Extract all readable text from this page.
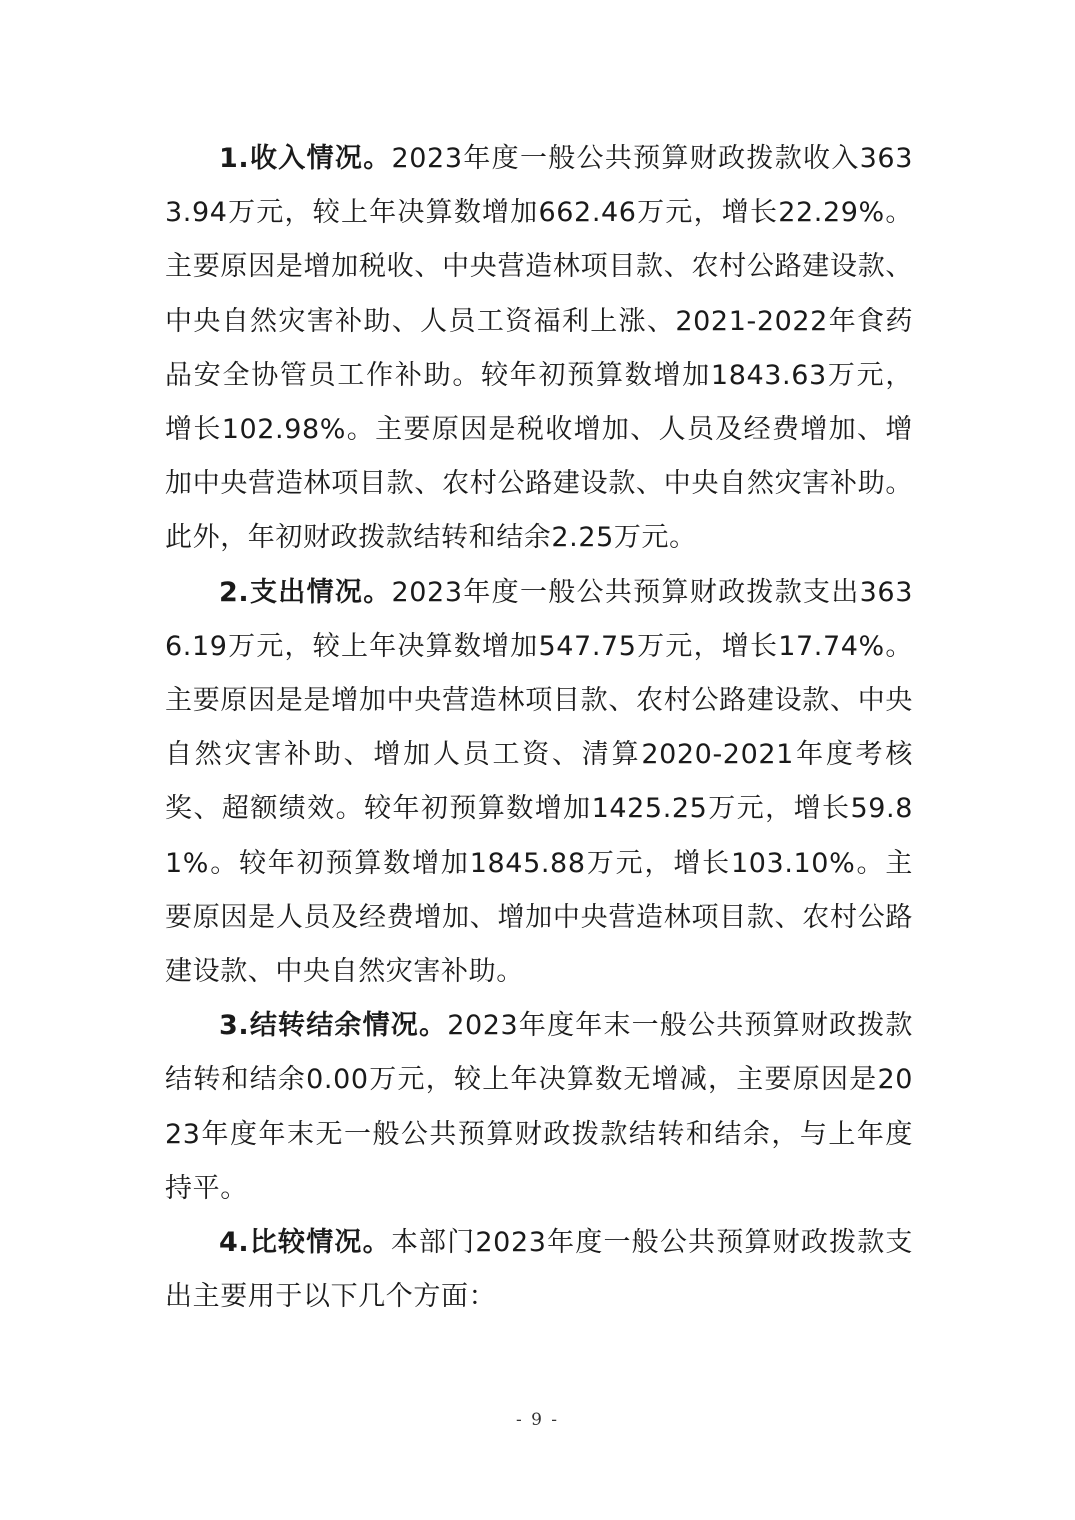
1.收入情况。2023年度一般公共预算财政拨款收入3633.94万元，较上年决算数增加662.46万元，增长22.29%。主要原因是增加税收、中央营造林项目款、农村公路建设款、中央自然灾害补助、人员工资福利上涨、2021-2022年食药品安全协管员工作补助。较年初预算数增加1843.63万元，增长102.98%。主要原因是税收增加、人员及经费增加、增加中央营造林项目款、农村公路建设款、中央自然灾害补助。此外，年初财政拨款结转和结余2.25万元。

2.支出情况。2023年度一般公共预算财政拨款支出3636.19万元，较上年决算数增加547.75万元，增长17.74%。主要原因是是增加中央营造林项目款、农村公路建设款、中央自然灾害补助、增加人员工资、清算2020-2021年度考核奖、超额绩效。较年初预算数增加1425.25万元，增长59.81%。较年初预算数增加1845.88万元，增长103.10%。主要原因是人员及经费增加、增加中央营造林项目款、农村公路建设款、中央自然灾害补助。

3.结转结余情况。2023年度年末一般公共预算财政拨款结转和结余0.00万元，较上年决算数无增减，主要原因是2023年度年末无一般公共预算财政拨款结转和结余，与上年度持平。

4.比较情况。本部门2023年度一般公共预算财政拨款支出主要用于以下几个方面：

- 9 -
